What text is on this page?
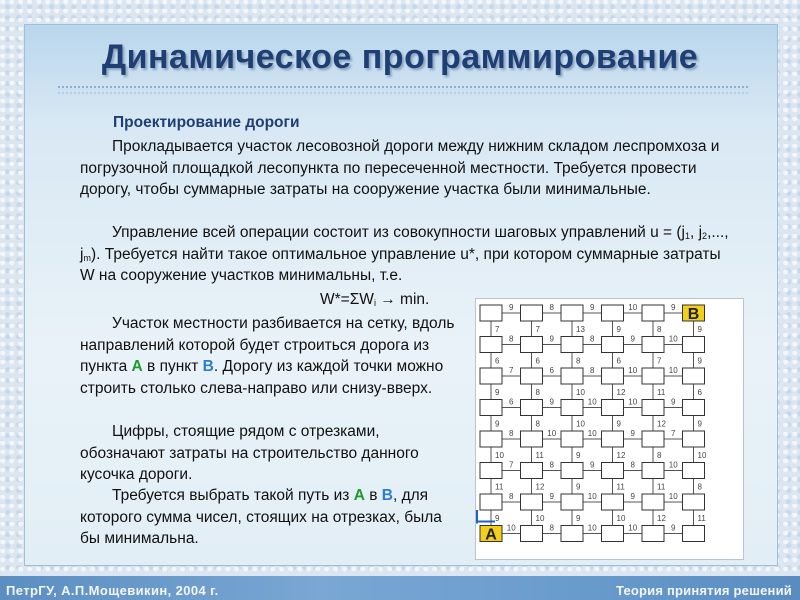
Динамическое программирование
Проектирование дороги
Прокладывается участок лесовозной дороги между нижним складом леспромхоза и погрузочной площадкой лесопункта по пересеченной местности. Требуется провести дорогу, чтобы суммарные затраты на сооружение участка были минимальные.
Управление всей операции состоит из совокупности шаговых управлений $u = (j_1$, $j_2$,..., $j_m$). Требуется найти такое оптимальное управление u*, при котором суммарные затраты W на сооружение участков минимальны, т.е.
$W*=\Sigma W_i \to \min$.
Участок местности разбивается на сетку, вдоль направлений которой будет строиться дорога из пункта A в пункт B. Дорогу из каждой точки можно строить столько слева-направо или снизу-вверх.
Цифры, стоящие рядом с отрезками, обозначают затраты на строительство данного кусочка дороги.
Требуется выбрать такой путь из A в B, для которого сумма чисел, стоящих на отрезках, была бы минимальна.
9	8	9	10	9
8	9	8	9	10
7	6	8	10	10
6	9	10	10	9
8	10	10	9	7
7	8	9	8	10
8	9	10	9	10
10	8	10	10	9
7	7	13	9	8	9
6	6	8	6	7	9
9	8	10	12	11	6
9	8	10	9	12	9
10	11	9	12	8	10
11	12	9	11	11	8
9	10	9	10	12	11
B
A
ПетрГУ, А.П.Мощевикин, 2004 г.	Теория принятия решений
